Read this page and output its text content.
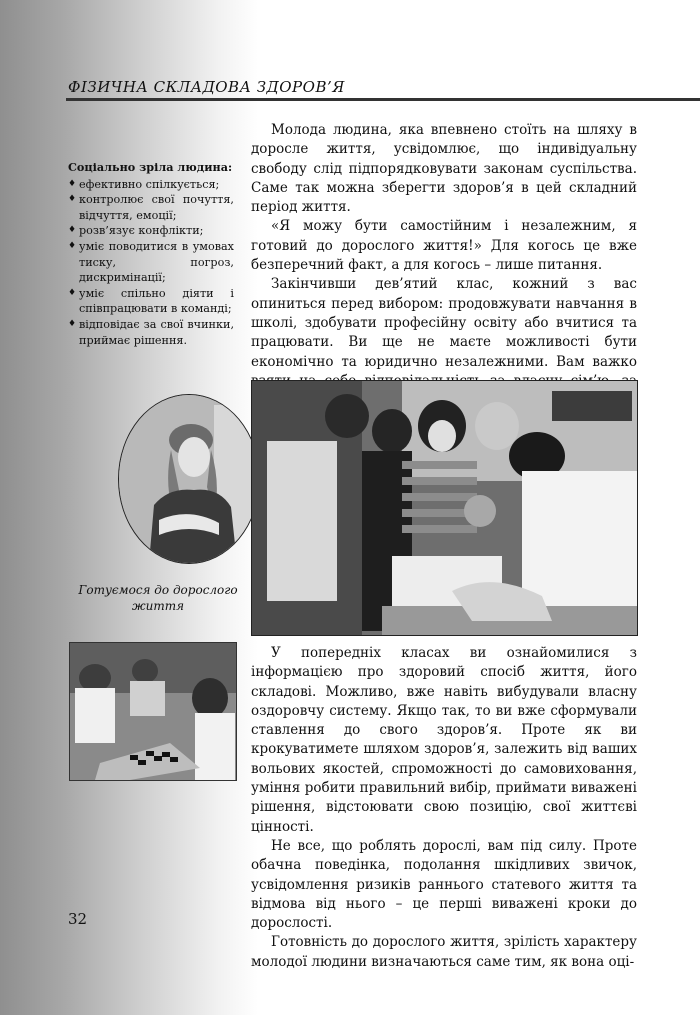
ФІЗИЧНА СКЛАДОВА ЗДОРОВ’Я
Соціально зріла людина:
♦ ефективно спілкується;
♦ контролює свої почуття, відчуття, емоції;
♦ розв’язує конфлікти;
♦ уміє поводитися в умовах тиску, погроз, дискримінації;
♦ уміє спільно діяти і співпрацювати в команді;
♦ відповідає за свої вчинки, приймає рішення.
Готуємося до дорослого життя

Молода людина, яка впевнено стоїть на шляху в доросле життя, усвідомлює, що індивідуальну свободу слід підпорядковувати законам суспільства. Саме так можна зберегти здоров’я в цей складний період життя.

«Я можу бути самостійним і незалежним, я готовий до дорослого життя!» Для когось це вже безперечний факт, а для когось – лише питання.

Закінчивши дев’ятий клас, кожний з вас опиниться перед вибором: продовжувати навчання в школі, здобувати професійну освіту або вчитися та працювати. Ви ще не маєте можливості бути економічно та юридично незалежними. Вам важко

У попередніх класах ви ознайомилися з інформацією про здоровий спосіб життя, його складові. Можливо, вже навіть вибудували власну оздоровчу систему. Якщо так, то ви вже сформували ставлення до свого здоров’я. Проте як ви крокуватимете шляхом здоров’я, залежить від ваших вольових якостей, спроможності до самовиховання, уміння робити правильний вибір, приймати виважені рішення, відстоювати свою позицію, свої життєві цінності.

Не все, що роблять дорослі, вам під силу. Проте обачна поведінка, подолання шкідливих звичок, усвідомлення ризиків раннього статевого життя та відмова від нього – це перші виважені кроки до дорослості.

Готовність до дорослого життя, зрілість характеру молодої людини визначаються саме тим, як вона оці-

32
